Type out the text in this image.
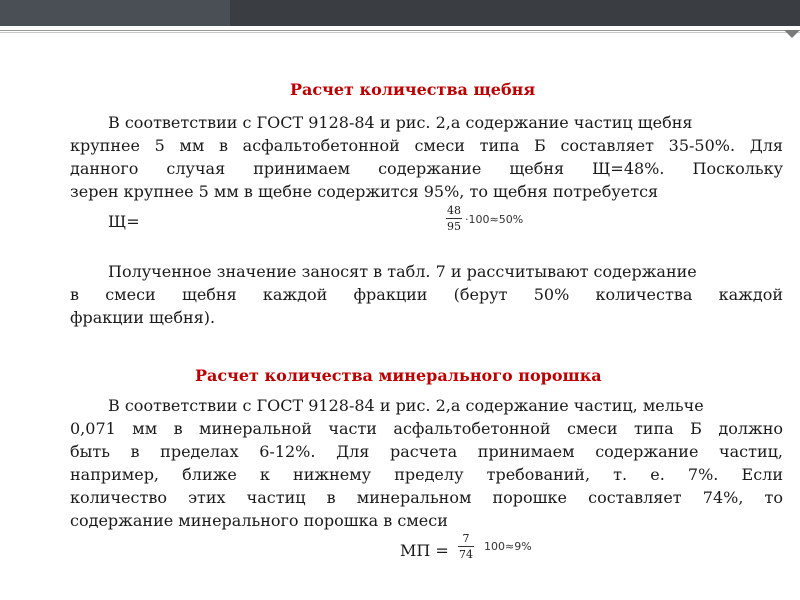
Расчет количества щебня
В соответствии с ГОСТ 9128-84 и рис. 2,а содержание частиц щебня
крупнее 5 мм в асфальтобетонной смеси типа Б составляет 35-50%. Для
данного случая принимаем содержание щебня Щ=48%. Поскольку
зерен крупнее 5 мм в щебне содержится 95%, то щебня потребуется
Щ=
48
95
·100≈50%
Полученное значение заносят в табл. 7 и рассчитывают содержание
в смеси щебня каждой фракции (берут 50% количества каждой
фракции щебня).
Расчет количества минерального порошка
В соответствии с ГОСТ 9128-84 и рис. 2,а содержание частиц, мельче
0,071 мм в минеральной части асфальтобетонной смеси типа Б должно
быть в пределах 6-12%. Для расчета принимаем содержание частиц,
например, ближе к нижнему пределу требований, т. е. 7%. Если
количество этих частиц в минеральном порошке составляет 74%, то
содержание минерального порошка в смеси
МП =
7
74
100≈9%
